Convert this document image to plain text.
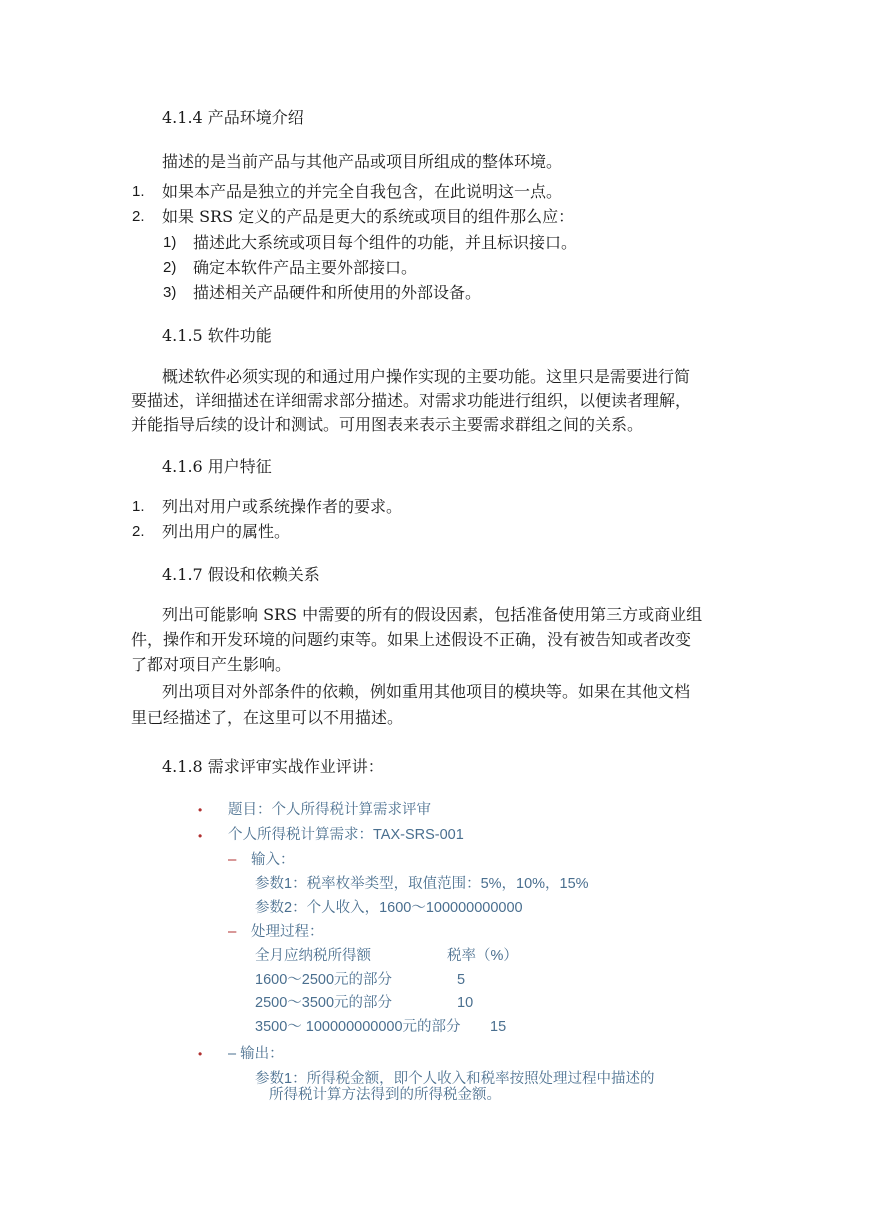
4.1.4 产品环境介绍
描述的是当前产品与其他产品或项目所组成的整体环境。
1. 如果本产品是独立的并完全自我包含，在此说明这一点。
2. 如果 SRS 定义的产品是更大的系统或项目的组件那么应：
1) 描述此大系统或项目每个组件的功能，并且标识接口。
2) 确定本软件产品主要外部接口。
3) 描述相关产品硬件和所使用的外部设备。
4.1.5 软件功能
概述软件必须实现的和通过用户操作实现的主要功能。这里只是需要进行简
要描述，详细描述在详细需求部分描述。对需求功能进行组织，以便读者理解，
并能指导后续的设计和测试。可用图表来表示主要需求群组之间的关系。
4.1.6 用户特征
1. 列出对用户或系统操作者的要求。
2. 列出用户的属性。
4.1.7 假设和依赖关系
列出可能影响 SRS 中需要的所有的假设因素，包括准备使用第三方或商业组
件，操作和开发环境的问题约束等。如果上述假设不正确，没有被告知或者改变
了都对项目产生影响。
列出项目对外部条件的依赖，例如重用其他项目的模块等。如果在其他文档
里已经描述了，在这里可以不用描述。
4.1.8 需求评审实战作业评讲：
• 题目：个人所得税计算需求评审
• 个人所得税计算需求：TAX-SRS-001
– 输入：
参数1：税率枚举类型，取值范围：5%，10%，15%
参数2：个人收入，1600～100000000000
– 处理过程：
全月应纳税所得额	税率（%）
1600～2500元的部分	5
2500～3500元的部分	10
3500～ 100000000000元的部分 15
• – 输出：
参数1：所得税金额，即个人收入和税率按照处理过程中描述的
所得税计算方法得到的所得税金额。
